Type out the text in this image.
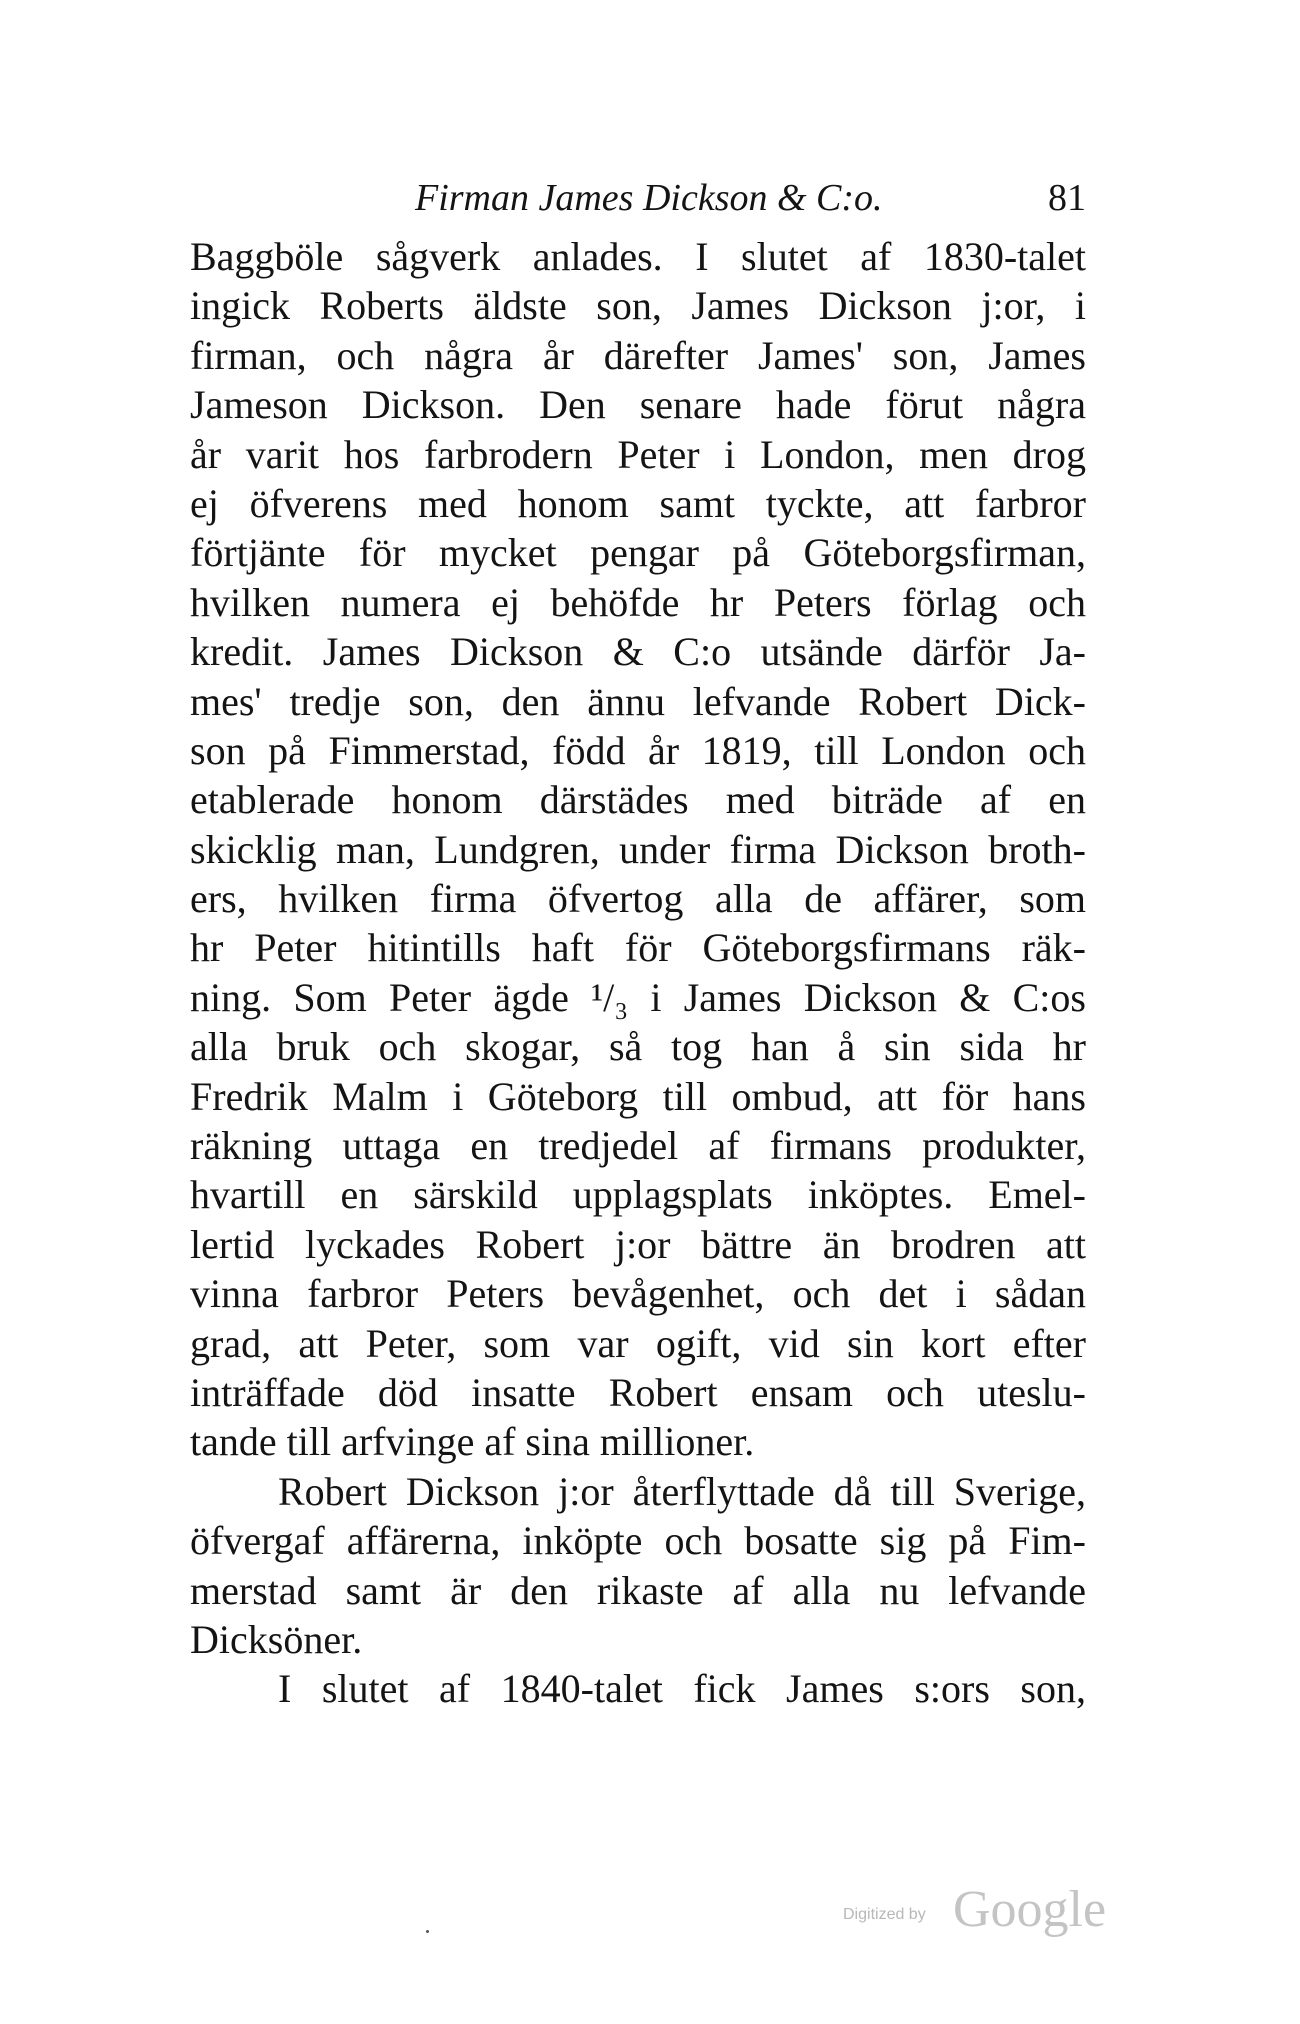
Firman James Dickson & C:o.	81
Baggböle sågverk anlades. I slutet af 1830-talet
ingick Roberts äldste son, James Dickson j:or, i
firman, och några år därefter James' son, James
Jameson Dickson. Den senare hade förut några
år varit hos farbrodern Peter i London, men drog
ej öfverens med honom samt tyckte, att farbror
förtjänte för mycket pengar på Göteborgsfirman,
hvilken numera ej behöfde hr Peters förlag och
kredit. James Dickson & C:o utsände därför Ja-
mes' tredje son, den ännu lefvande Robert Dick-
son på Fimmerstad, född år 1819, till London och
etablerade honom därstädes med biträde af en
skicklig man, Lundgren, under firma Dickson broth-
ers, hvilken firma öfvertog alla de affärer, som
hr Peter hitintills haft för Göteborgsfirmans räk-
ning. Som Peter ägde ¹/₃ i James Dickson & C:os
alla bruk och skogar, så tog han å sin sida hr
Fredrik Malm i Göteborg till ombud, att för hans
räkning uttaga en tredjedel af firmans produkter,
hvartill en särskild upplagsplats inköptes. Emel-
lertid lyckades Robert j:or bättre än brodren att
vinna farbror Peters bevågenhet, och det i sådan
grad, att Peter, som var ogift, vid sin kort efter
inträffade död insatte Robert ensam och uteslu-
tande till arfvinge af sina millioner.
Robert Dickson j:or återflyttade då till Sverige,
öfvergaf affärerna, inköpte och bosatte sig på Fim-
merstad samt är den rikaste af alla nu lefvande
Dicksöner.
I slutet af 1840-talet fick James s:ors son,
Digitized by Google
